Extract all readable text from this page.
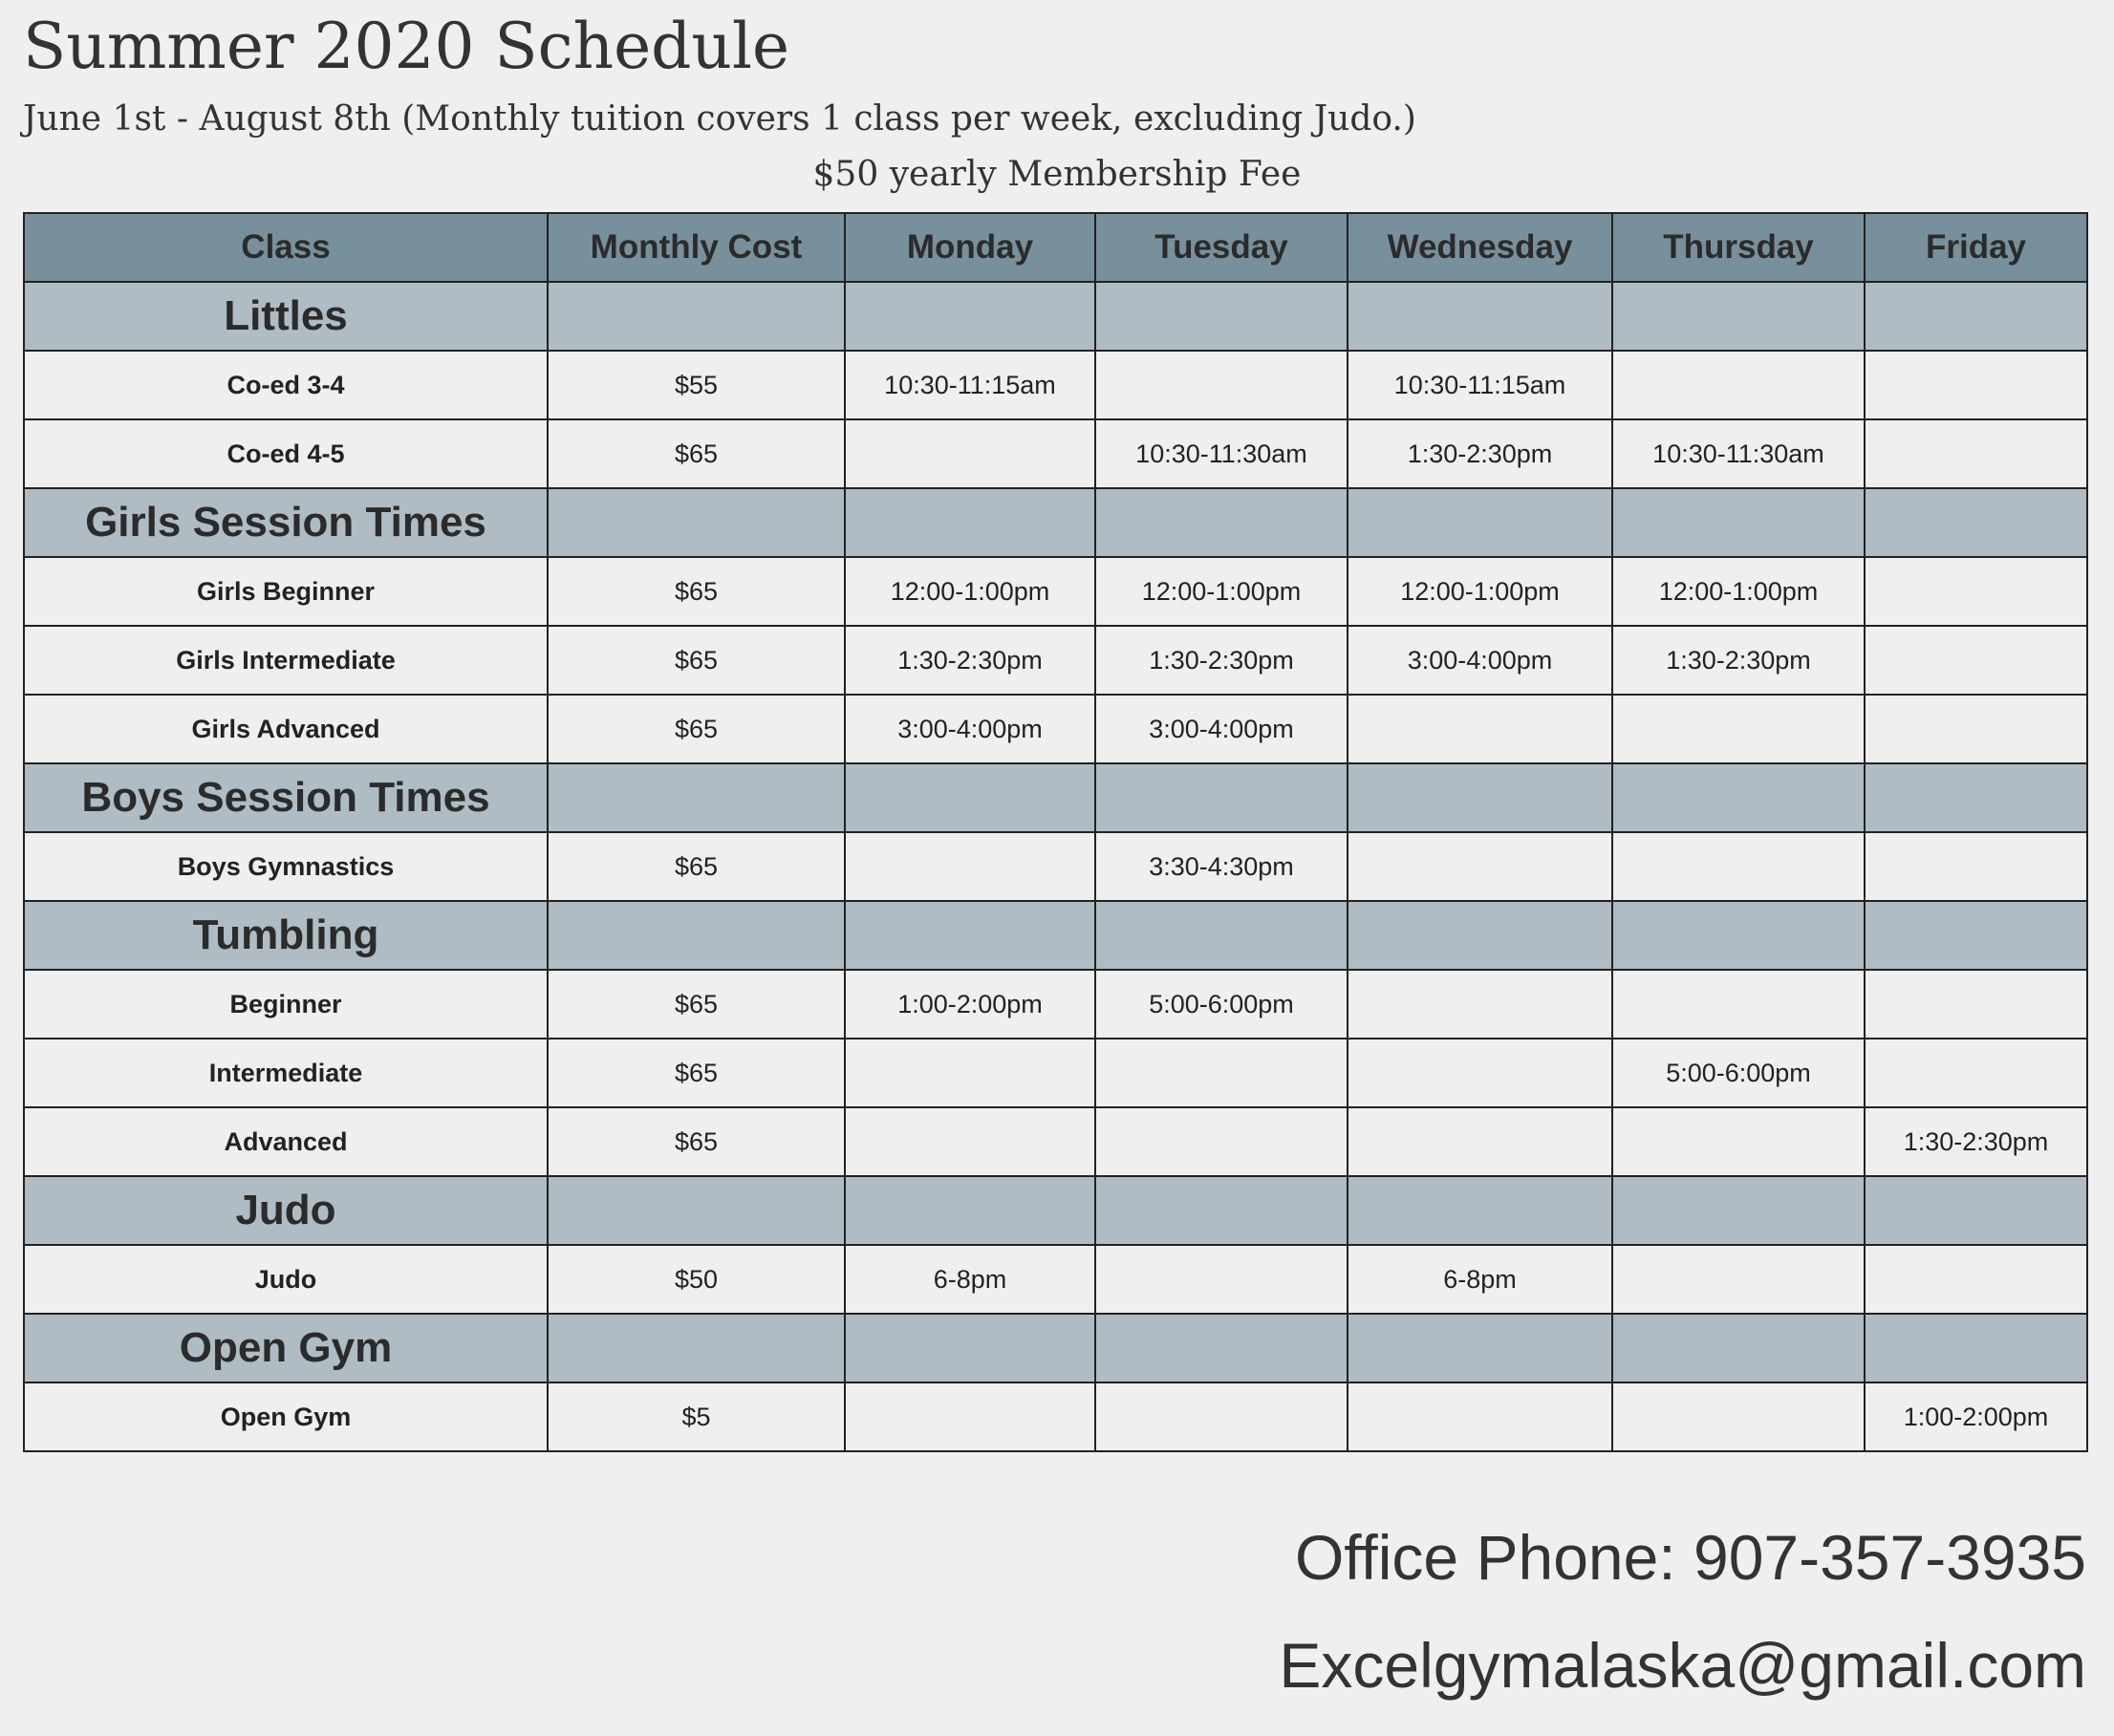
Summer 2020 Schedule
June 1st - August 8th (Monthly tuition covers 1 class per week, excluding Judo.)
$50 yearly Membership Fee
Class	Monthly Cost	Monday	Tuesday	Wednesday	Thursday	Friday
Littles						
Co-ed 3-4	$55	10:30-11:15am		10:30-11:15am		
Co-ed 4-5	$65		10:30-11:30am	1:30-2:30pm	10:30-11:30am	
Girls Session Times						
Girls Beginner	$65	12:00-1:00pm	12:00-1:00pm	12:00-1:00pm	12:00-1:00pm	
Girls Intermediate	$65	1:30-2:30pm	1:30-2:30pm	3:00-4:00pm	1:30-2:30pm	
Girls Advanced	$65	3:00-4:00pm	3:00-4:00pm			
Boys Session Times						
Boys Gymnastics	$65		3:30-4:30pm			
Tumbling						
Beginner	$65	1:00-2:00pm	5:00-6:00pm			
Intermediate	$65				5:00-6:00pm	
Advanced	$65					1:30-2:30pm
Judo						
Judo	$50	6-8pm		6-8pm		
Open Gym						
Open Gym	$5					1:00-2:00pm
Office Phone: 907-357-3935
Excelgymalaska@gmail.com
